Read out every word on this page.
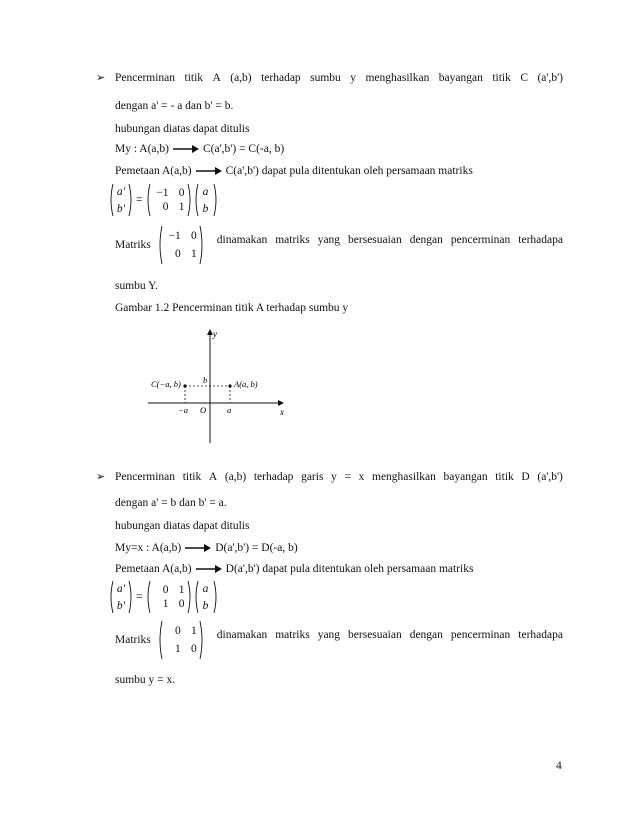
➢ Pencerminan titik A (a,b) terhadap sumbu y menghasilkan bayangan titik C (a',b')
dengan a' = - a dan b' = b.
hubungan diatas dapat ditulis
My : A(a,b)	C(a',b') = C(-a, b)
Pemetaan A(a,b)	C(a',b') dapat pula ditentukan oleh persamaan matriks
a'
b'
=
−1 0
0 1
a
b
Matriks
−1 0
0 1
dinamakan matriks yang bersesuaian dengan pencerminan terhadapa
sumbu Y.
Gambar 1.2 Pencerminan titik A terhadap sumbu y
y
x
C(−a, b)	A(a, b)
b
−a O a
➢ Pencerminan titik A (a,b) terhadap garis y = x menghasilkan bayangan titik D (a',b')
dengan a' = b dan b' = a.
hubungan diatas dapat ditulis
My=x : A(a,b)	D(a',b') = D(-a, b)
Pemetaan A(a,b)	D(a',b') dapat pula ditentukan oleh persamaan matriks
a'
b'
=
0 1
1 0
a
b
Matriks
0 1
1 0
dinamakan matriks yang bersesuaian dengan pencerminan terhadapa
sumbu y = x.
4
